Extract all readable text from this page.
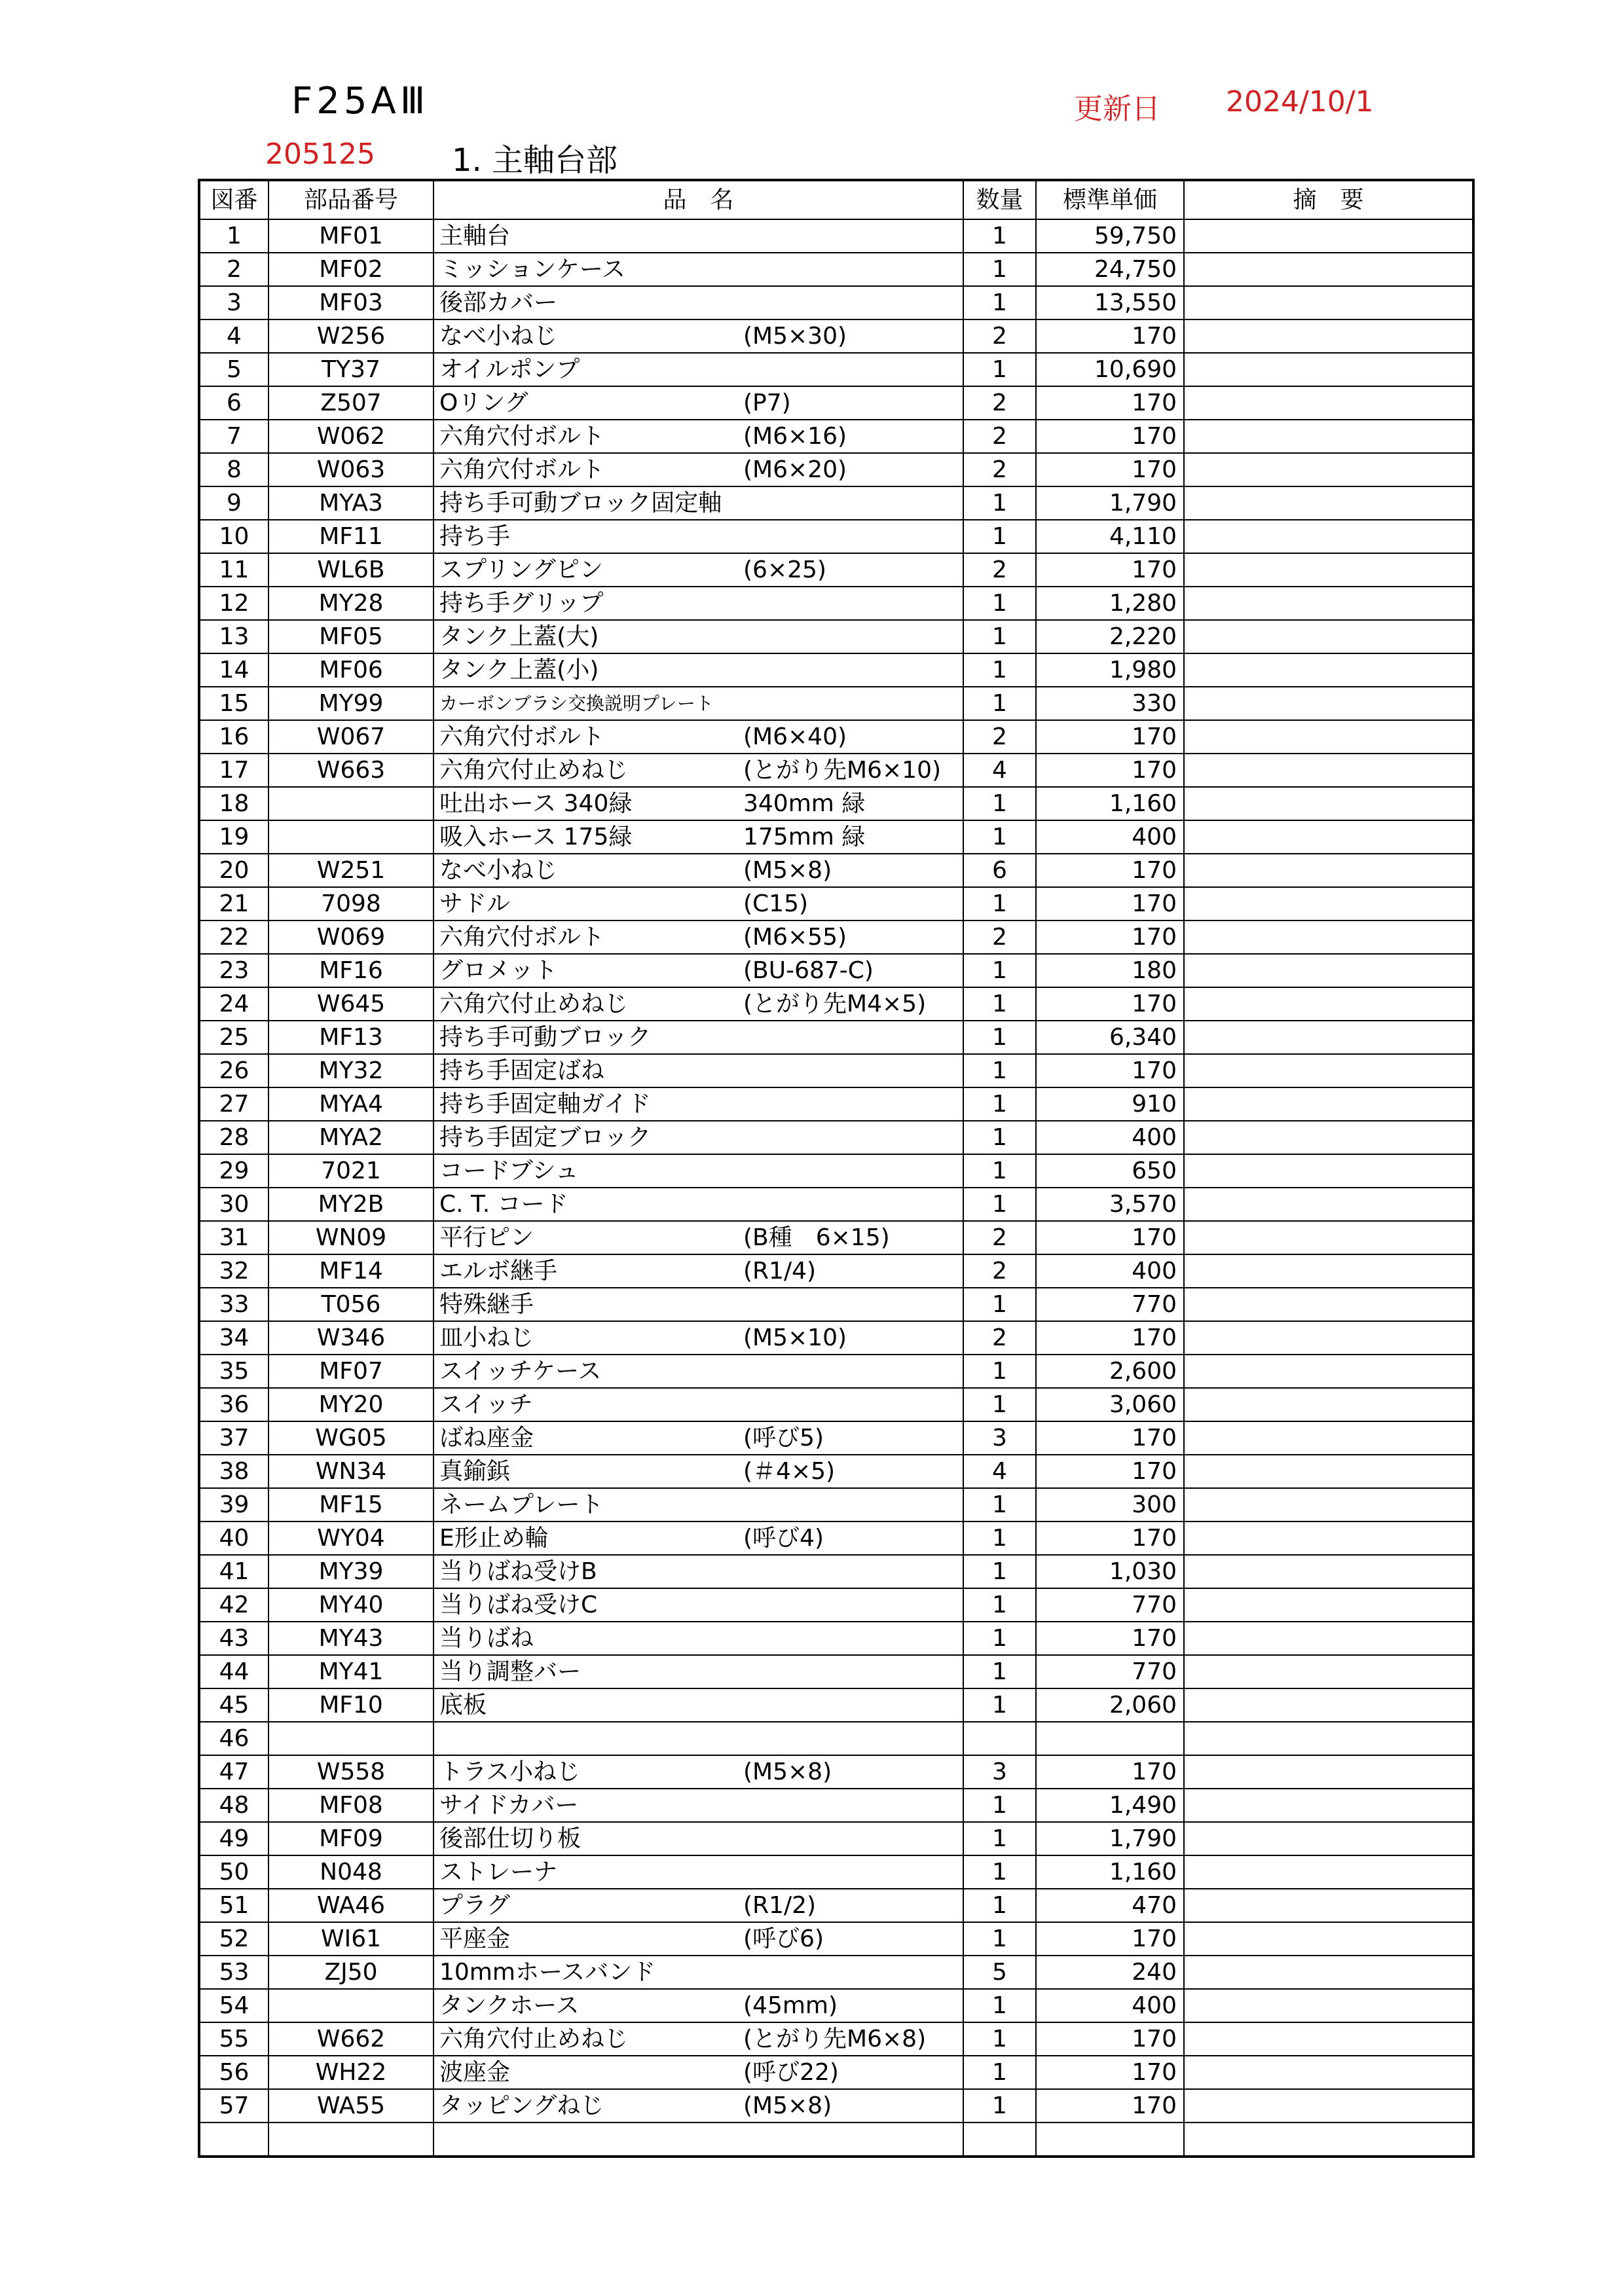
F25AⅢ	更新日 2024/10/1
205125 1. 主軸台部
図番	部品番号	品　名	数量	標準単価	摘　要
1	MF01	主軸台	1	59,750	
2	MF02	ミッションケース	1	24,750	
3	MF03	後部カバー	1	13,550	
4	W256	なべ小ねじ (M5×30)	2	170	
5	TY37	オイルポンプ	1	10,690	
6	Z507	Oリング (P7)	2	170	
7	W062	六角穴付ボルト (M6×16)	2	170	
8	W063	六角穴付ボルト (M6×20)	2	170	
9	MYA3	持ち手可動ブロック固定軸	1	1,790	
10	MF11	持ち手	1	4,110	
11	WL6B	スプリングピン (6×25)	2	170	
12	MY28	持ち手グリップ	1	1,280	
13	MF05	タンク上蓋(大)	1	2,220	
14	MF06	タンク上蓋(小)	1	1,980	
15	MY99	カーボンブラシ交換説明プレート	1	330	
16	W067	六角穴付ボルト (M6×40)	2	170	
17	W663	六角穴付止めねじ (とがり先M6×10)	4	170	
18		吐出ホース 340緑 340mm 緑	1	1,160	
19		吸入ホース 175緑 175mm 緑	1	400	
20	W251	なべ小ねじ (M5×8)	6	170	
21	7098	サドル (C15)	1	170	
22	W069	六角穴付ボルト (M6×55)	2	170	
23	MF16	グロメット (BU-687-C)	1	180	
24	W645	六角穴付止めねじ (とがり先M4×5)	1	170	
25	MF13	持ち手可動ブロック	1	6,340	
26	MY32	持ち手固定ばね	1	170	
27	MYA4	持ち手固定軸ガイド	1	910	
28	MYA2	持ち手固定ブロック	1	400	
29	7021	コードブシュ	1	650	
30	MY2B	C. T. コード	1	3,570	
31	WN09	平行ピン (B種　6×15)	2	170	
32	MF14	エルボ継手 (R1/4)	2	400	
33	T056	特殊継手	1	770	
34	W346	皿小ねじ (M5×10)	2	170	
35	MF07	スイッチケース	1	2,600	
36	MY20	スイッチ	1	3,060	
37	WG05	ばね座金 (呼び5)	3	170	
38	WN34	真鍮鋲 (＃4×5)	4	170	
39	MF15	ネームプレート	1	300	
40	WY04	E形止め輪 (呼び4)	1	170	
41	MY39	当りばね受けB	1	1,030	
42	MY40	当りばね受けC	1	770	
43	MY43	当りばね	1	170	
44	MY41	当り調整バー	1	770	
45	MF10	底板	1	2,060	
46		

47	W558	トラス小ねじ (M5×8)	3	170	
48	MF08	サイドカバー	1	1,490	
49	MF09	後部仕切り板	1	1,790	
50	N048	ストレーナ	1	1,160	
51	WA46	プラグ (R1/2)	1	470	
52	WI61	平座金 (呼び6)	1	170	
53	ZJ50	10mmホースバンド	5	240	
54		タンクホース (45mm)	1	400	
55	W662	六角穴付止めねじ (とがり先M6×8)	1	170	
56	WH22	波座金 (呼び22)	1	170	
57	WA55	タッピングねじ (M5×8)	1	170	
